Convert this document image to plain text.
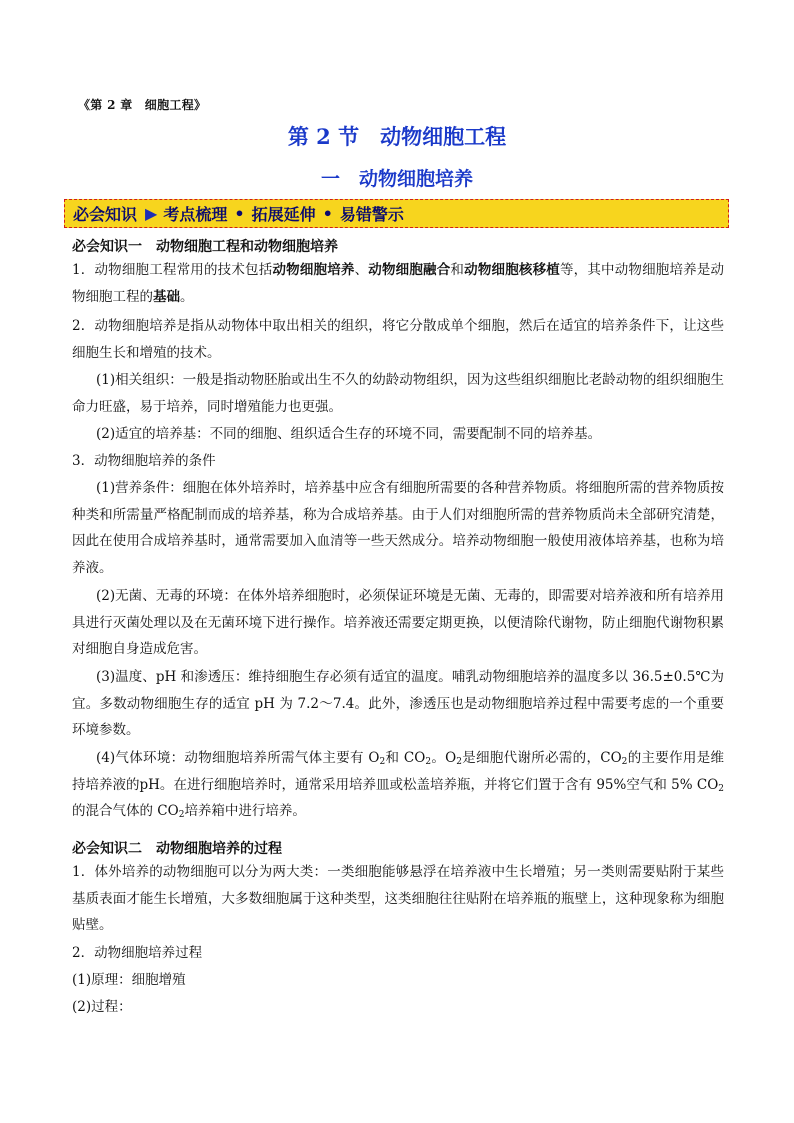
《第 2 章　细胞工程》
第 2 节　动物细胞工程
一　动物细胞培养
必会知识 ▶ 考点梳理 • 拓展延伸 • 易错警示
必会知识一　动物细胞工程和动物细胞培养

1．动物细胞工程常用的技术包括动物细胞培养、动物细胞融合和动物细胞核移植等，其中动物细胞培养是动物细胞工程的基础。

2．动物细胞培养是指从动物体中取出相关的组织，将它分散成单个细胞，然后在适宜的培养条件下，让这些细胞生长和增殖的技术。

(1)相关组织：一般是指动物胚胎或出生不久的幼龄动物组织，因为这些组织细胞比老龄动物的组织细胞生命力旺盛，易于培养，同时增殖能力也更强。

(2)适宜的培养基：不同的细胞、组织适合生存的环境不同，需要配制不同的培养基。

3．动物细胞培养的条件

(1)营养条件：细胞在体外培养时，培养基中应含有细胞所需要的各种营养物质。将细胞所需的营养物质按种类和所需量严格配制而成的培养基，称为合成培养基。由于人们对细胞所需的营养物质尚未全部研究清楚，因此在使用合成培养基时，通常需要加入血清等一些天然成分。培养动物细胞一般使用液体培养基，也称为培养液。

(2)无菌、无毒的环境：在体外培养细胞时，必须保证环境是无菌、无毒的，即需要对培养液和所有培养用具进行灭菌处理以及在无菌环境下进行操作。培养液还需要定期更换，以便清除代谢物，防止细胞代谢物积累对细胞自身造成危害。

(3)温度、pH 和渗透压：维持细胞生存必须有适宜的温度。哺乳动物细胞培养的温度多以 36.5±0.5℃为宜。多数动物细胞生存的适宜 pH 为 7.2～7.4。此外，渗透压也是动物细胞培养过程中需要考虑的一个重要环境参数。

(4)气体环境：动物细胞培养所需气体主要有 $O_2$和 $CO_2$。$O_2$是细胞代谢所必需的，$CO_2$的主要作用是维持培养液的pH。在进行细胞培养时，通常采用培养皿或松盖培养瓶，并将它们置于含有 95%空气和 5% $CO_2$的混合气体的 $CO_2$培养箱中进行培养。

必会知识二　动物细胞培养的过程

1．体外培养的动物细胞可以分为两大类：一类细胞能够悬浮在培养液中生长增殖；另一类则需要贴附于某些基质表面才能生长增殖，大多数细胞属于这种类型，这类细胞往往贴附在培养瓶的瓶壁上，这种现象称为细胞贴壁。

2．动物细胞培养过程

(1)原理：细胞增殖

(2)过程：
